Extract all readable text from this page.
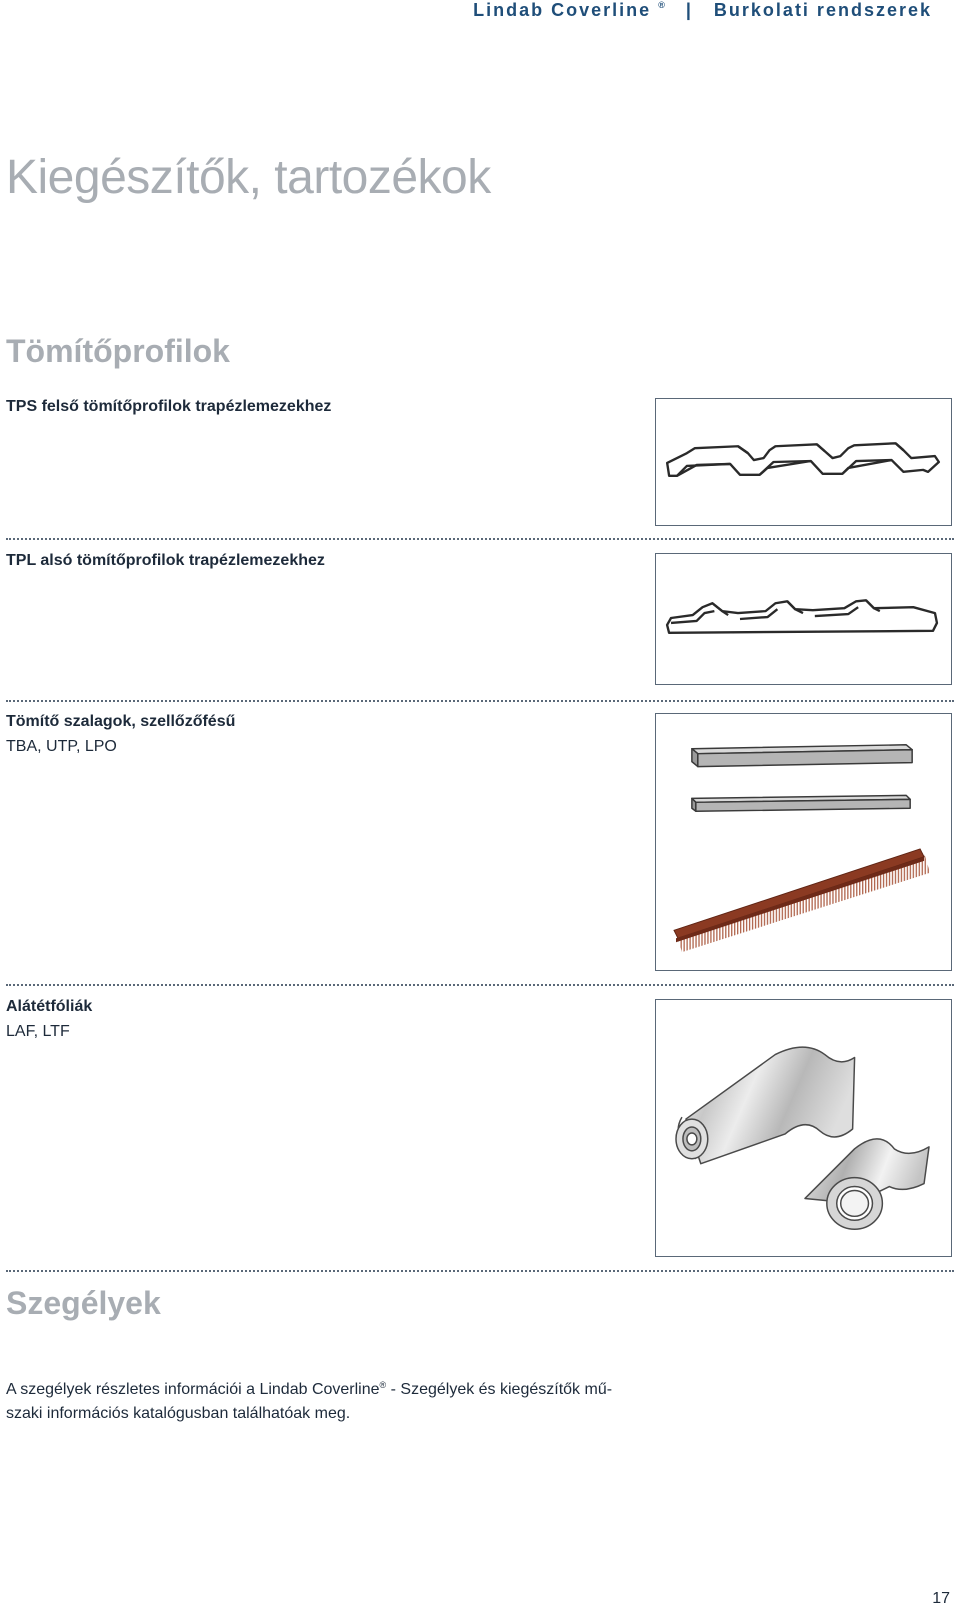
Lindab Coverline ® | Burkolati rendszerek
Kiegészítők, tartozékok
Tömítőprofilok

TPS felső tömítőprofilok trapézlemezekhez

TPL alsó tömítőprofilok trapézlemezekhez

Tömítő szalagok, szellőzőfésű

TBA, UTP, LPO

Alátétfóliák

LAF, LTF

Szegélyek

A szegélyek részletes információi a Lindab Coverline® - Szegélyek és kiegészítők mű-
szaki információs katalógusban találhatóak meg.

17
